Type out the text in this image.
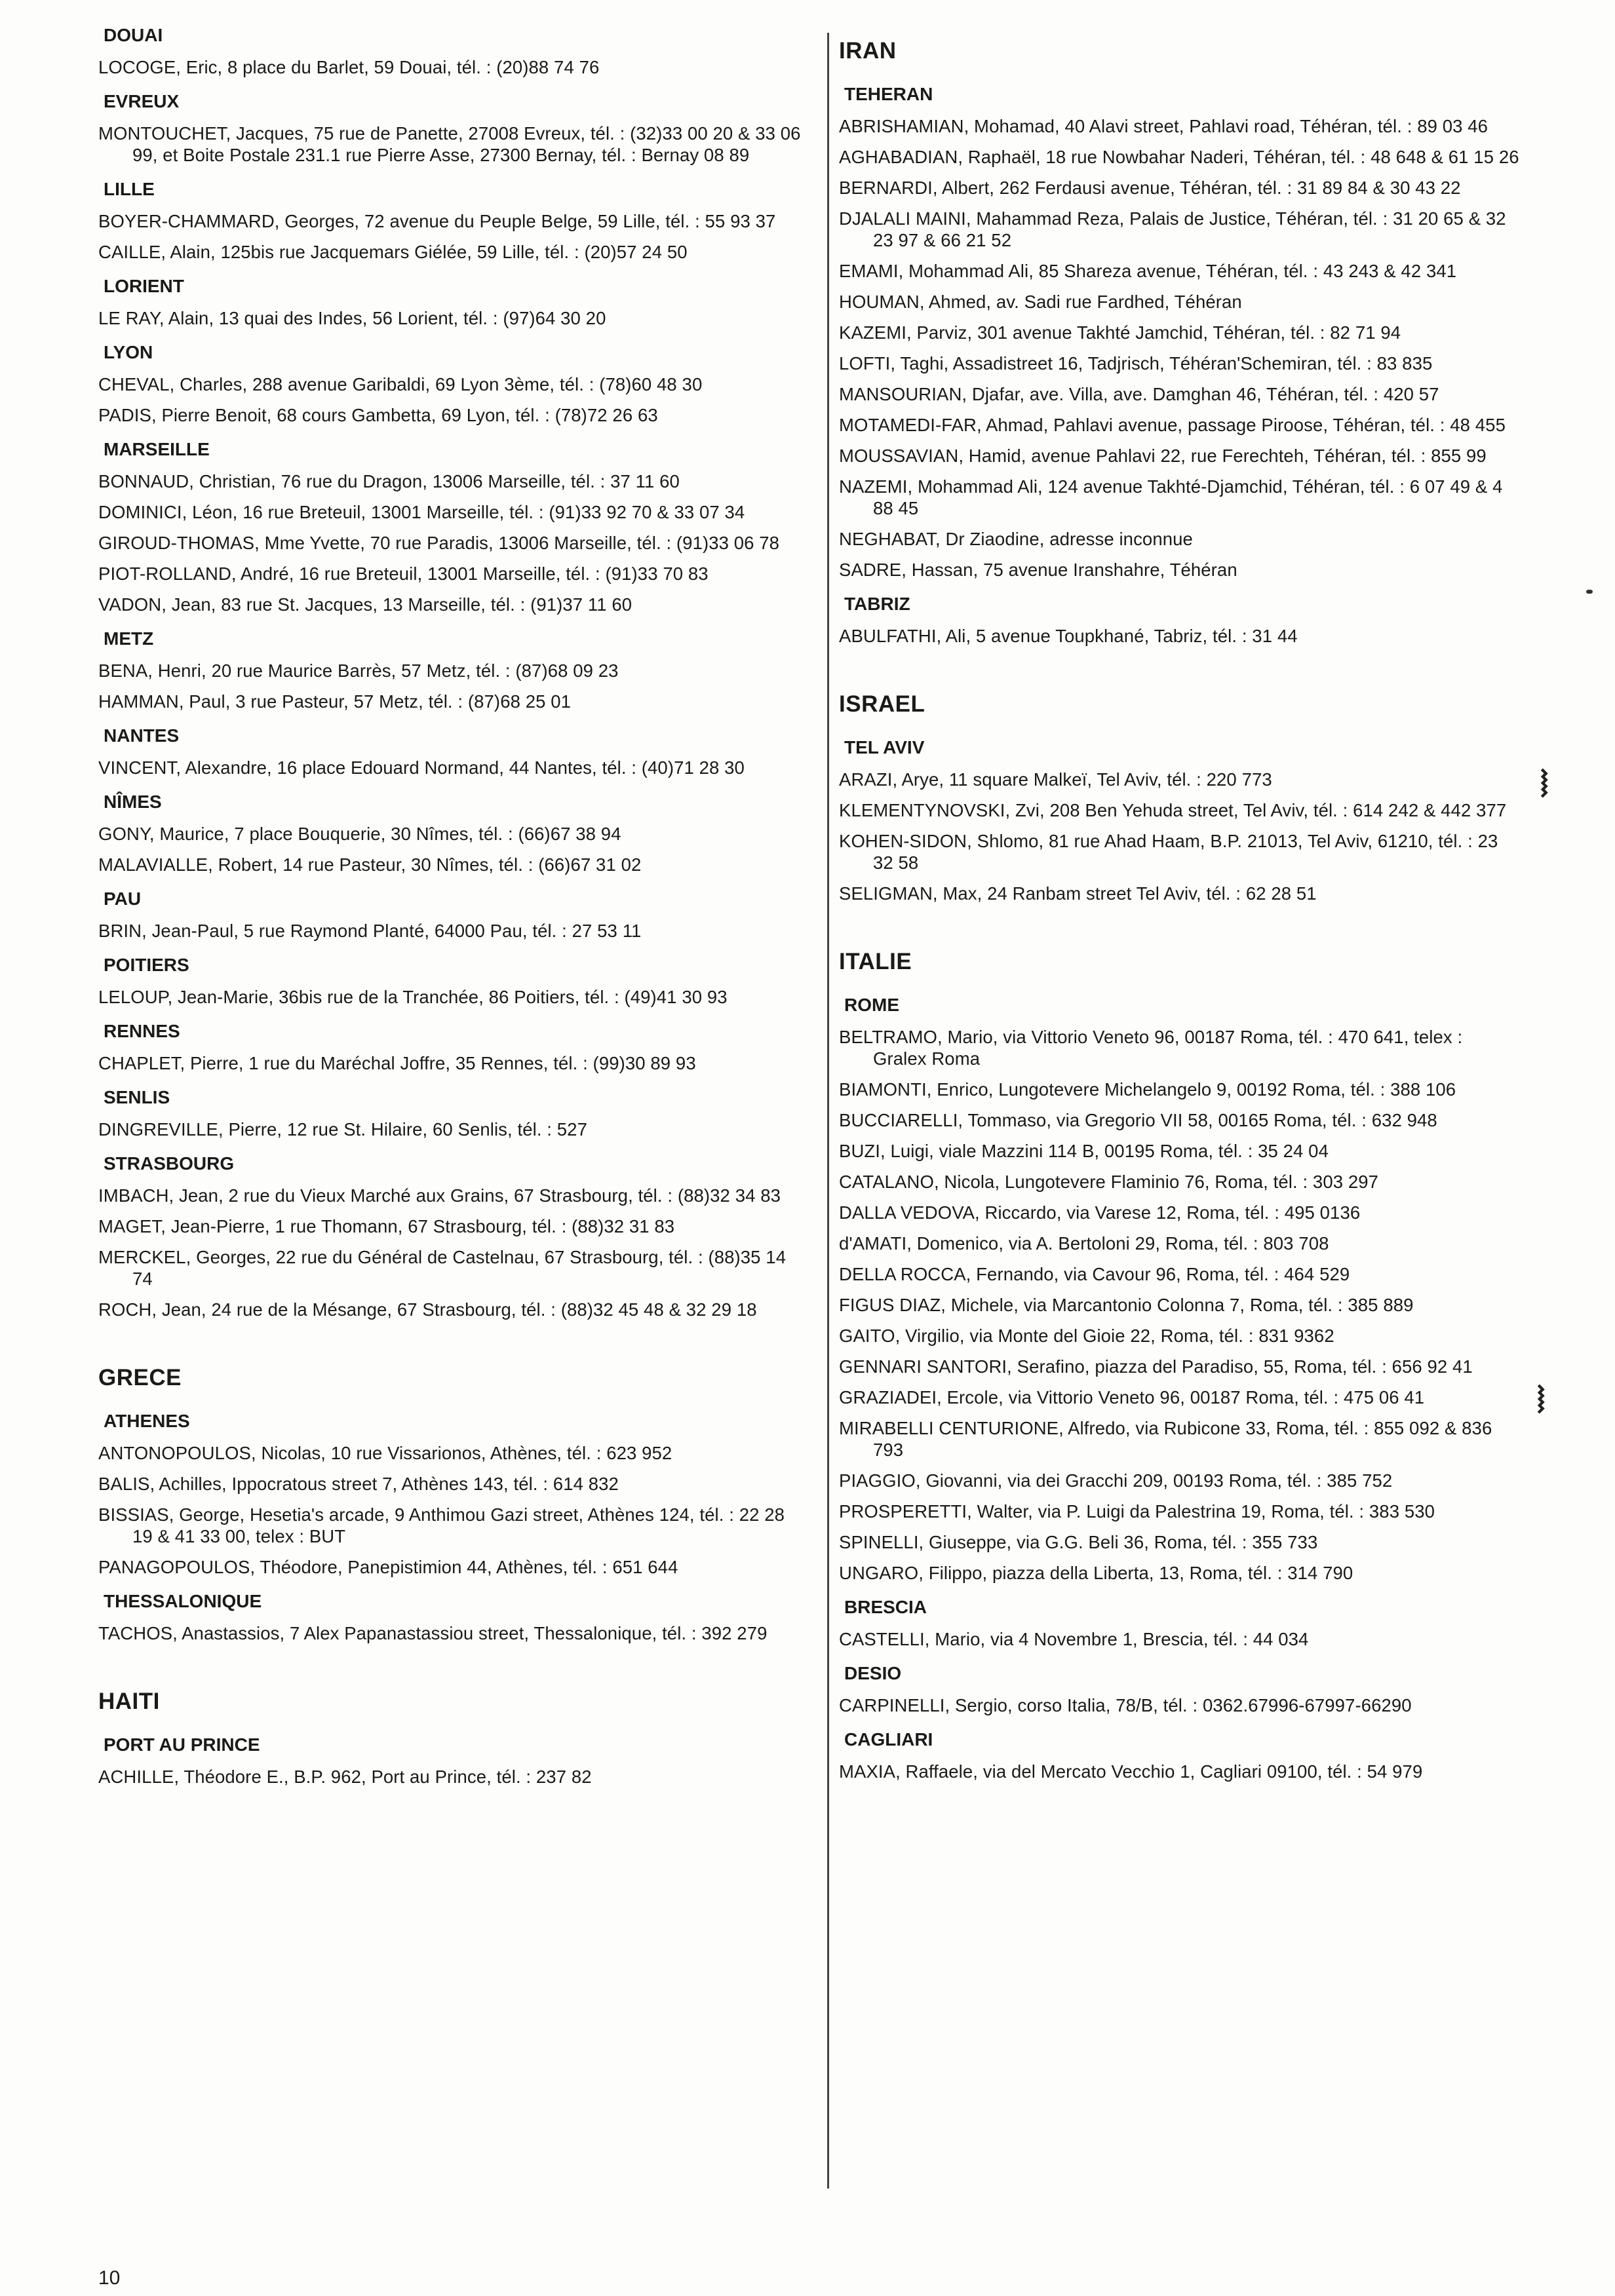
DOUAI
LOCOGE, Eric, 8 place du Barlet, 59 Douai, tél. : (20)88 74 76
EVREUX
MONTOUCHET, Jacques, 75 rue de Panette, 27008 Evreux, tél. : (32)33 00 20 & 33 06 99, et Boite Postale 231.1 rue Pierre Asse, 27300 Bernay, tél. : Bernay 08 89
LILLE
BOYER-CHAMMARD, Georges, 72 avenue du Peuple Belge, 59 Lille, tél. : 55 93 37
CAILLE, Alain, 125bis rue Jacquemars Giélée, 59 Lille, tél. : (20)57 24 50
LORIENT
LE RAY, Alain, 13 quai des Indes, 56 Lorient, tél. : (97)64 30 20
LYON
CHEVAL, Charles, 288 avenue Garibaldi, 69 Lyon 3ème, tél. : (78)60 48 30
PADIS, Pierre Benoit, 68 cours Gambetta, 69 Lyon, tél. : (78)72 26 63
MARSEILLE
BONNAUD, Christian, 76 rue du Dragon, 13006 Marseille, tél. : 37 11 60
DOMINICI, Léon, 16 rue Breteuil, 13001 Marseille, tél. : (91)33 92 70 & 33 07 34
GIROUD-THOMAS, Mme Yvette, 70 rue Paradis, 13006 Marseille, tél. : (91)33 06 78
PIOT-ROLLAND, André, 16 rue Breteuil, 13001 Marseille, tél. : (91)33 70 83
VADON, Jean, 83 rue St. Jacques, 13 Marseille, tél. : (91)37 11 60
METZ
BENA, Henri, 20 rue Maurice Barrès, 57 Metz, tél. : (87)68 09 23
HAMMAN, Paul, 3 rue Pasteur, 57 Metz, tél. : (87)68 25 01
NANTES
VINCENT, Alexandre, 16 place Edouard Normand, 44 Nantes, tél. : (40)71 28 30
NÎMES
GONY, Maurice, 7 place Bouquerie, 30 Nîmes, tél. : (66)67 38 94
MALAVIALLE, Robert, 14 rue Pasteur, 30 Nîmes, tél. : (66)67 31 02
PAU
BRIN, Jean-Paul, 5 rue Raymond Planté, 64000 Pau, tél. : 27 53 11
POITIERS
LELOUP, Jean-Marie, 36bis rue de la Tranchée, 86 Poitiers, tél. : (49)41 30 93
RENNES
CHAPLET, Pierre, 1 rue du Maréchal Joffre, 35 Rennes, tél. : (99)30 89 93
SENLIS
DINGREVILLE, Pierre, 12 rue St. Hilaire, 60 Senlis, tél. : 527
STRASBOURG
IMBACH, Jean, 2 rue du Vieux Marché aux Grains, 67 Strasbourg, tél. : (88)32 34 83
MAGET, Jean-Pierre, 1 rue Thomann, 67 Strasbourg, tél. : (88)32 31 83
MERCKEL, Georges, 22 rue du Général de Castelnau, 67 Strasbourg, tél. : (88)35 14 74
ROCH, Jean, 24 rue de la Mésange, 67 Strasbourg, tél. : (88)32 45 48 & 32 29 18
GRECE
ATHENES
ANTONOPOULOS, Nicolas, 10 rue Vissarionos, Athènes, tél. : 623 952
BALIS, Achilles, Ippocratous street 7, Athènes 143, tél. : 614 832
BISSIAS, George, Hesetia's arcade, 9 Anthimou Gazi street, Athènes 124, tél. : 22 28 19 & 41 33 00, telex : BUT
PANAGOPOULOS, Théodore, Panepistimion 44, Athènes, tél. : 651 644
THESSALONIQUE
TACHOS, Anastassios, 7 Alex Papanastassiou street, Thessalonique, tél. : 392 279
HAITI
PORT AU PRINCE
ACHILLE, Théodore E., B.P. 962, Port au Prince, tél. : 237 82
IRAN
TEHERAN
ABRISHAMIAN, Mohamad, 40 Alavi street, Pahlavi road, Téhéran, tél. : 89 03 46
AGHABADIAN, Raphaël, 18 rue Nowbahar Naderi, Téhéran, tél. : 48 648 & 61 15 26
BERNARDI, Albert, 262 Ferdausi avenue, Téhéran, tél. : 31 89 84 & 30 43 22
DJALALI MAINI, Mahammad Reza, Palais de Justice, Téhéran, tél. : 31 20 65 & 32 23 97 & 66 21 52
EMAMI, Mohammad Ali, 85 Shareza avenue, Téhéran, tél. : 43 243 & 42 341
HOUMAN, Ahmed, av. Sadi rue Fardhed, Téhéran
KAZEMI, Parviz, 301 avenue Takhté Jamchid, Téhéran, tél. : 82 71 94
LOFTI, Taghi, Assadistreet 16, Tadjrisch, Téhéran'Schemiran, tél. : 83 835
MANSOURIAN, Djafar, ave. Villa, ave. Damghan 46, Téhéran, tél. : 420 57
MOTAMEDI-FAR, Ahmad, Pahlavi avenue, passage Piroose, Téhéran, tél. : 48 455
MOUSSAVIAN, Hamid, avenue Pahlavi 22, rue Ferechteh, Téhéran, tél. : 855 99
NAZEMI, Mohammad Ali, 124 avenue Takhté-Djamchid, Téhéran, tél. : 6 07 49 & 4 88 45
NEGHABAT, Dr Ziaodine, adresse inconnue
SADRE, Hassan, 75 avenue Iranshahre, Téhéran
TABRIZ
ABULFATHI, Ali, 5 avenue Toupkhané, Tabriz, tél. : 31 44
ISRAEL
TEL AVIV
ARAZI, Arye, 11 square Malkeï, Tel Aviv, tél. : 220 773
KLEMENTYNOVSKI, Zvi, 208 Ben Yehuda street, Tel Aviv, tél. : 614 242 & 442 377
KOHEN-SIDON, Shlomo, 81 rue Ahad Haam, B.P. 21013, Tel Aviv, 61210, tél. : 23 32 58
SELIGMAN, Max, 24 Ranbam street Tel Aviv, tél. : 62 28 51
ITALIE
ROME
BELTRAMO, Mario, via Vittorio Veneto 96, 00187 Roma, tél. : 470 641, telex : Gralex Roma
BIAMONTI, Enrico, Lungotevere Michelangelo 9, 00192 Roma, tél. : 388 106
BUCCIARELLI, Tommaso, via Gregorio VII 58, 00165 Roma, tél. : 632 948
BUZI, Luigi, viale Mazzini 114 B, 00195 Roma, tél. : 35 24 04
CATALANO, Nicola, Lungotevere Flaminio 76, Roma, tél. : 303 297
DALLA VEDOVA, Riccardo, via Varese 12, Roma, tél. : 495 0136
d'AMATI, Domenico, via A. Bertoloni 29, Roma, tél. : 803 708
DELLA ROCCA, Fernando, via Cavour 96, Roma, tél. : 464 529
FIGUS DIAZ, Michele, via Marcantonio Colonna 7, Roma, tél. : 385 889
GAITO, Virgilio, via Monte del Gioie 22, Roma, tél. : 831 9362
GENNARI SANTORI, Serafino, piazza del Paradiso, 55, Roma, tél. : 656 92 41
GRAZIADEI, Ercole, via Vittorio Veneto 96, 00187 Roma, tél. : 475 06 41
MIRABELLI CENTURIONE, Alfredo, via Rubicone 33, Roma, tél. : 855 092 & 836 793
PIAGGIO, Giovanni, via dei Gracchi 209, 00193 Roma, tél. : 385 752
PROSPERETTI, Walter, via P. Luigi da Palestrina 19, Roma, tél. : 383 530
SPINELLI, Giuseppe, via G.G. Beli 36, Roma, tél. : 355 733
UNGARO, Filippo, piazza della Liberta, 13, Roma, tél. : 314 790
BRESCIA
CASTELLI, Mario, via 4 Novembre 1, Brescia, tél. : 44 034
DESIO
CARPINELLI, Sergio, corso Italia, 78/B, tél. : 0362.67996-67997-66290
CAGLIARI
MAXIA, Raffaele, via del Mercato Vecchio 1, Cagliari 09100, tél. : 54 979
10
⧘
⧘
